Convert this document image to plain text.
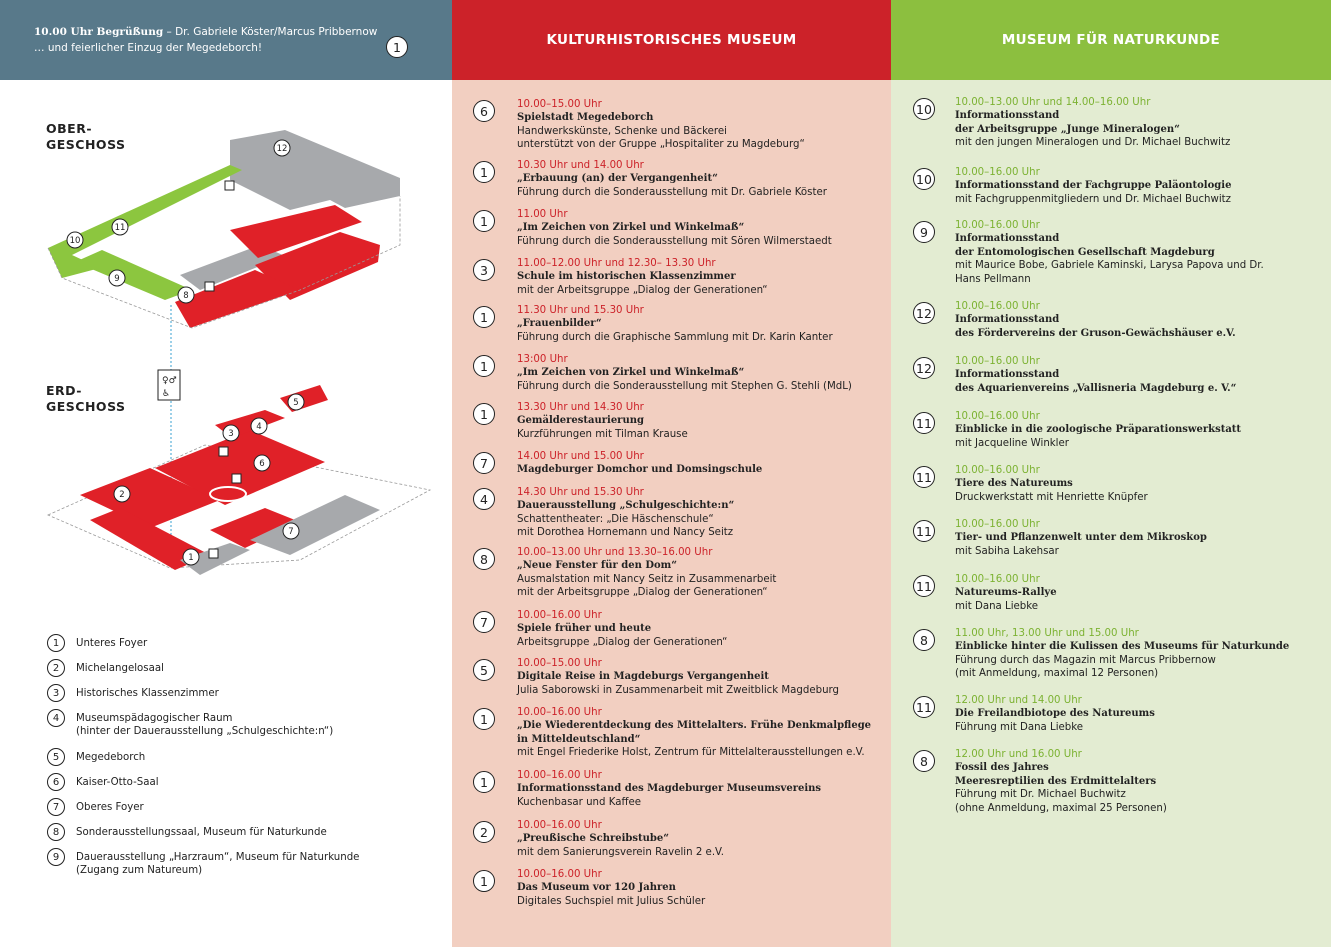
10.00 Uhr Begrüßung – Dr. Gabriele Köster/Marcus Pribbernow
… und feierlicher Einzug der Megedeborch!	1
OBER-
GESCHOSS
ERD-
GESCHOSS
♀♂
♿
12
11
10
9
8
5
4
3
6
2
7
1
1	Unteres Foyer
2	Michelangelosaal
3	Historisches Klassenzimmer
4	Museumspädagogischer Raum
(hinter der Dauerausstellung „Schulgeschichte:n“)
5	Megedeborch
6	Kaiser-Otto-Saal
7	Oberes Foyer
8	Sonderausstellungssaal, Museum für Naturkunde
9	Dauerausstellung „Harzraum“, Museum für Naturkunde
(Zugang zum Natureum)
KULTURHISTORISCHES MUSEUM
6	10.00–15.00 Uhr
Spielstadt Megedeborch
Handwerkskünste, Schenke und Bäckerei
unterstützt von der Gruppe „Hospitaliter zu Magdeburg“
1	10.30 Uhr und 14.00 Uhr
„Erbauung (an) der Vergangenheit“
Führung durch die Sonderausstellung mit Dr. Gabriele Köster
1	11.00 Uhr
„Im Zeichen von Zirkel und Winkelmaß“
Führung durch die Sonderausstellung mit Sören Wilmerstaedt
3	11.00–12.00 Uhr und 12.30– 13.30 Uhr
Schule im historischen Klassenzimmer
mit der Arbeitsgruppe „Dialog der Generationen“
1	11.30 Uhr und 15.30 Uhr
„Frauenbilder“
Führung durch die Graphische Sammlung mit Dr. Karin Kanter
1	13:00 Uhr
„Im Zeichen von Zirkel und Winkelmaß“
Führung durch die Sonderausstellung mit Stephen G. Stehli (MdL)
1	13.30 Uhr und 14.30 Uhr
Gemälderestaurierung
Kurzführungen mit Tilman Krause
7	14.00 Uhr und 15.00 Uhr
Magdeburger Domchor und Domsingschule
4	14.30 Uhr und 15.30 Uhr
Dauerausstellung „Schulgeschichte:n“
Schattentheater: „Die Häschenschule“
mit Dorothea Hornemann und Nancy Seitz
8	10.00–13.00 Uhr und 13.30–16.00 Uhr
„Neue Fenster für den Dom“
Ausmalstation mit Nancy Seitz in Zusammenarbeit
mit der Arbeitsgruppe „Dialog der Generationen“
7	10.00–16.00 Uhr
Spiele früher und heute
Arbeitsgruppe „Dialog der Generationen“
5	10.00–15.00 Uhr
Digitale Reise in Magdeburgs Vergangenheit
Julia Saborowski in Zusammenarbeit mit Zweitblick Magdeburg
1	10.00–16.00 Uhr
„Die Wiederentdeckung des Mittelalters. Frühe Denkmalpflege
in Mitteldeutschland“
mit Engel Friederike Holst, Zentrum für Mittelalterausstellungen e.V.
1	10.00–16.00 Uhr
Informationsstand des Magdeburger Museumsvereins
Kuchenbasar und Kaffee
2	10.00–16.00 Uhr
„Preußische Schreibstube“
mit dem Sanierungsverein Ravelin 2 e.V.
1	10.00–16.00 Uhr
Das Museum vor 120 Jahren
Digitales Suchspiel mit Julius Schüler
MUSEUM FÜR NATURKUNDE
10 10.00–13.00 Uhr und 14.00–16.00 Uhr
Informationsstand
der Arbeitsgruppe „Junge Mineralogen“
mit den jungen Mineralogen und Dr. Michael Buchwitz
10 10.00–16.00 Uhr
Informationsstand der Fachgruppe Paläontologie
mit Fachgruppenmitgliedern und Dr. Michael Buchwitz
9	10.00–16.00 Uhr
Informationsstand
der Entomologischen Gesellschaft Magdeburg
mit Maurice Bobe, Gabriele Kaminski, Larysa Papova und Dr.
Hans Pellmann
12 10.00–16.00 Uhr
Informationsstand
des Fördervereins der Gruson-Gewächshäuser e.V.
12 10.00–16.00 Uhr
Informationsstand
des Aquarienvereins „Vallisneria Magdeburg e. V.“
11 10.00–16.00 Uhr
Einblicke in die zoologische Präparationswerkstatt
mit Jacqueline Winkler
11 10.00–16.00 Uhr
Tiere des Natureums
Druckwerkstatt mit Henriette Knüpfer
11 10.00–16.00 Uhr
Tier- und Pflanzenwelt unter dem Mikroskop
mit Sabiha Lakehsar
11 10.00–16.00 Uhr
Natureums-Rallye
mit Dana Liebke
8	11.00 Uhr, 13.00 Uhr und 15.00 Uhr
Einblicke hinter die Kulissen des Museums für Naturkunde
Führung durch das Magazin mit Marcus Pribbernow
(mit Anmeldung, maximal 12 Personen)
11 12.00 Uhr und 14.00 Uhr
Die Freilandbiotope des Natureums
Führung mit Dana Liebke
8	12.00 Uhr und 16.00 Uhr
Fossil des Jahres
Meeresreptilien des Erdmittelalters
Führung mit Dr. Michael Buchwitz
(ohne Anmeldung, maximal 25 Personen)
